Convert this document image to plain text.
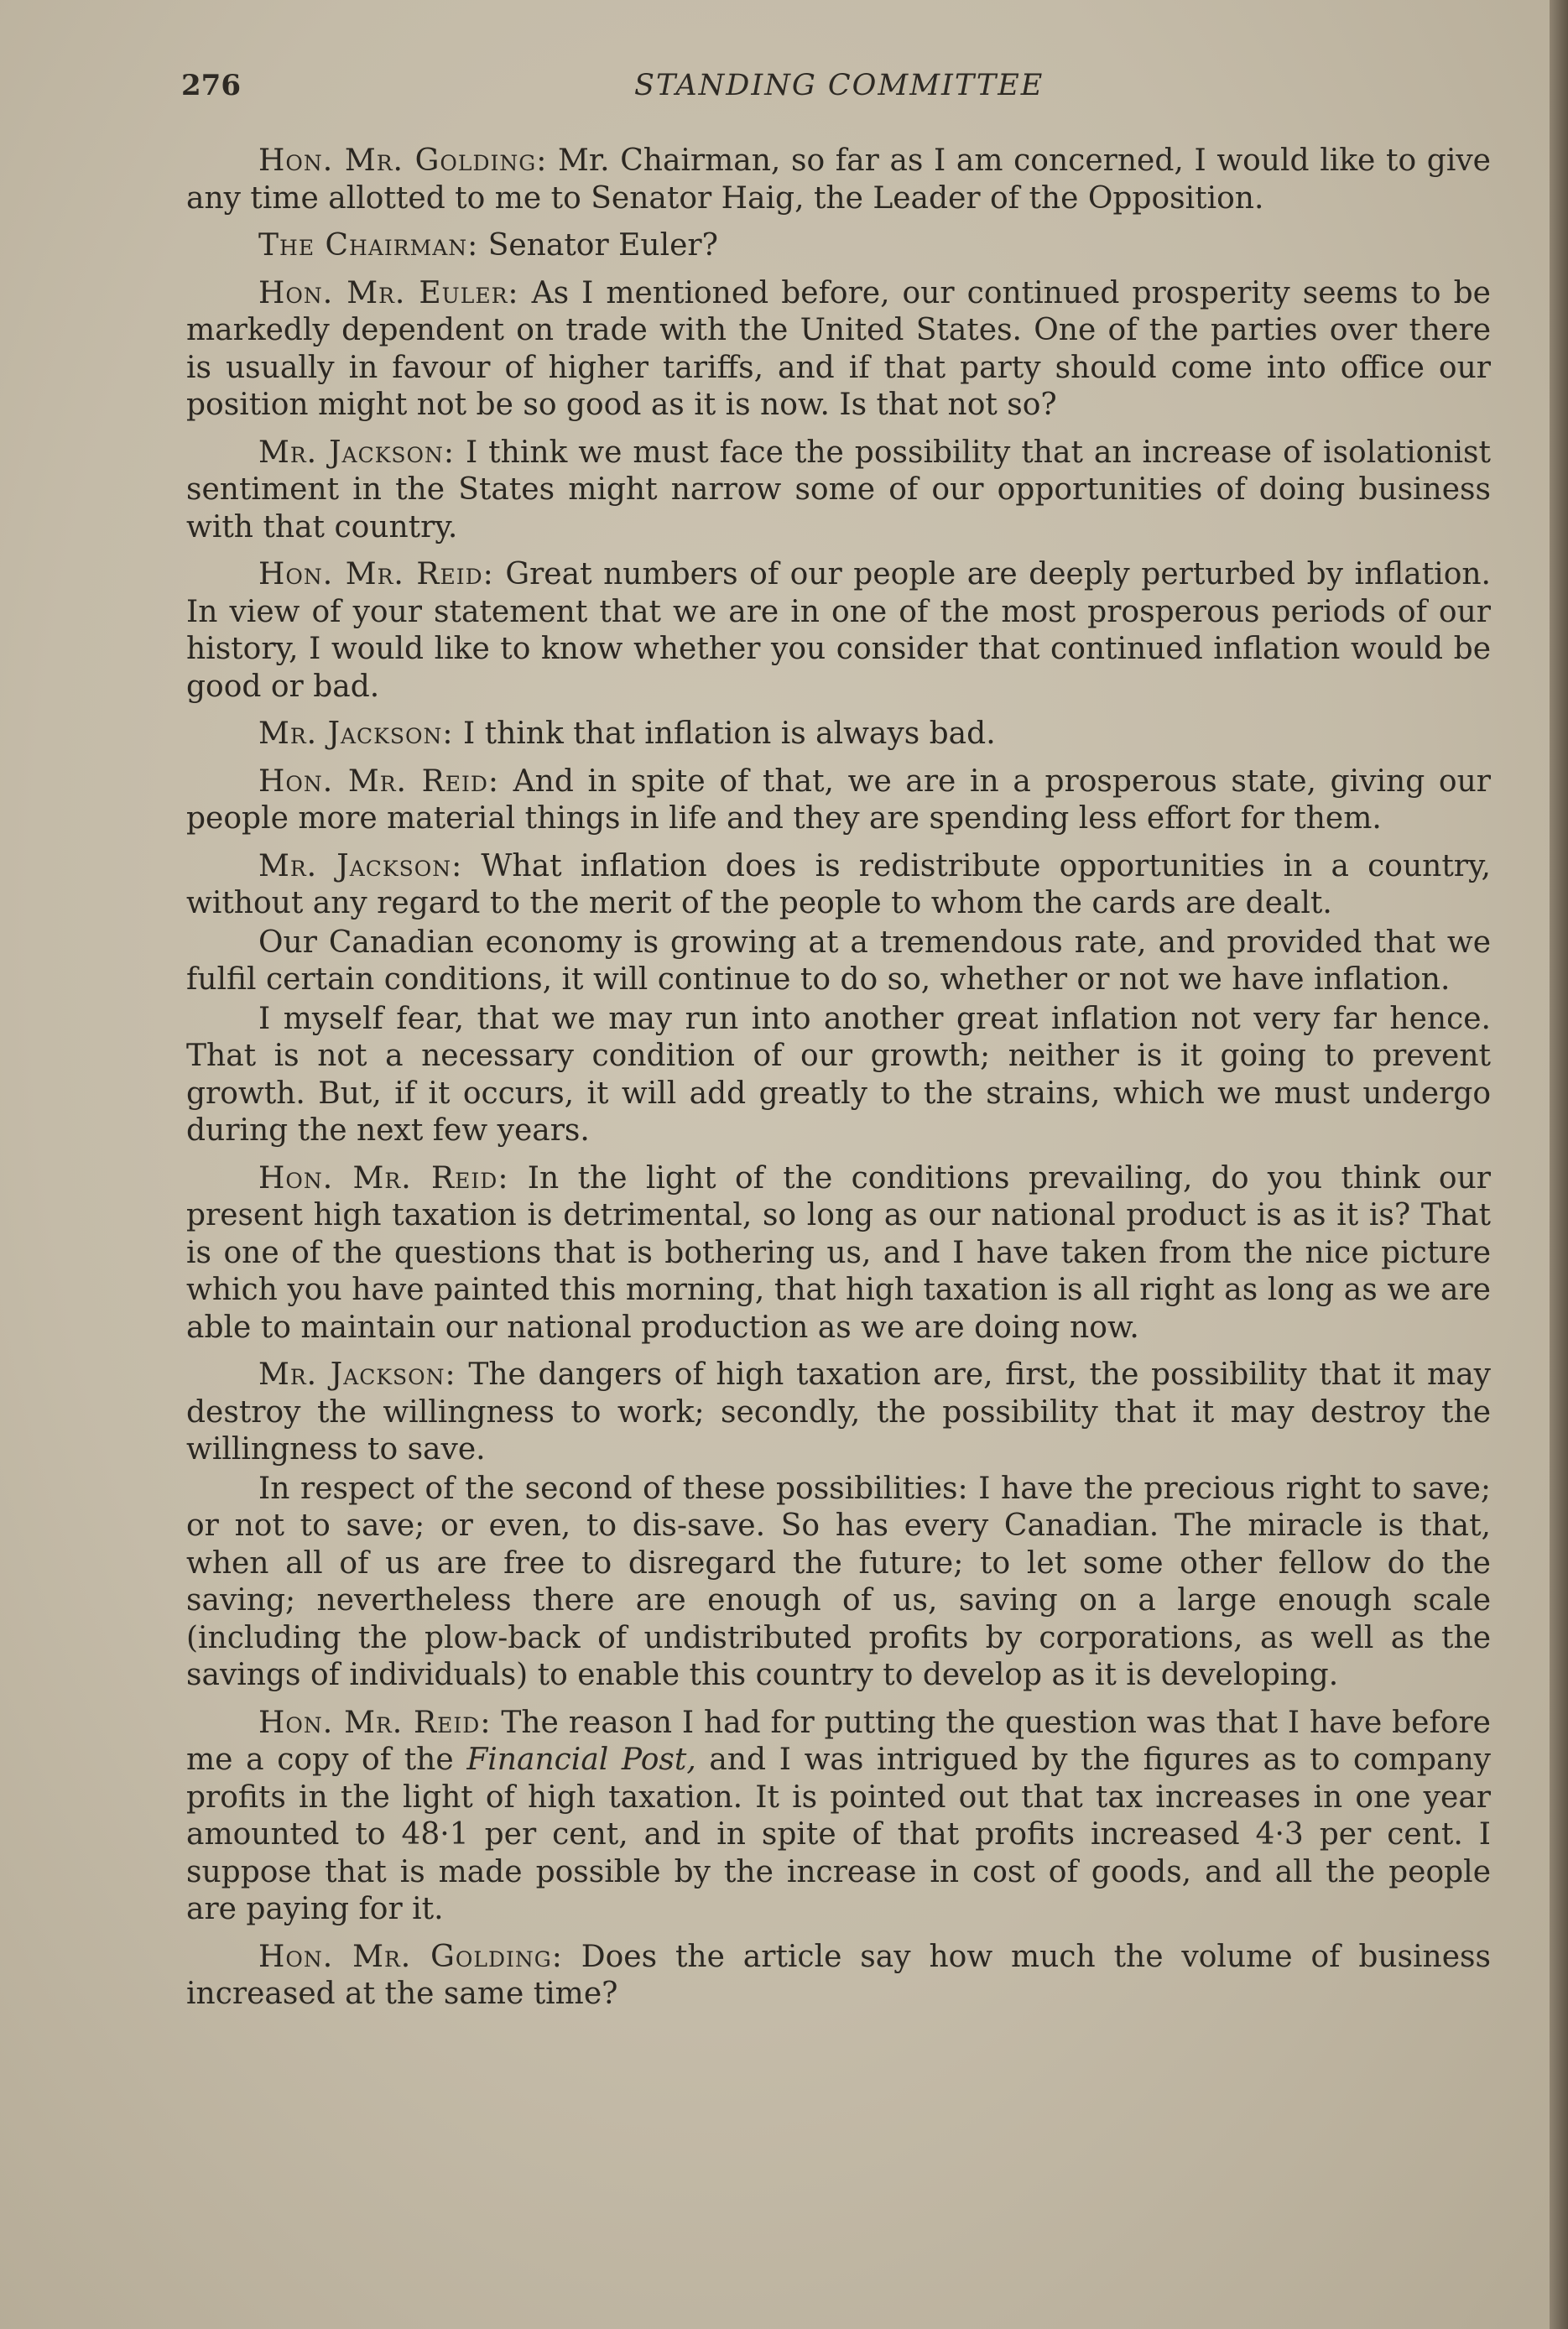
276	STANDING COMMITTEE

Hon. Mr. Golding: Mr. Chairman, so far as I am concerned, I would like to give any time allotted to me to Senator Haig, the Leader of the Opposition.

The Chairman: Senator Euler?

Hon. Mr. Euler: As I mentioned before, our continued prosperity seems to be markedly dependent on trade with the United States. One of the parties over there is usually in favour of higher tariffs, and if that party should come into office our position might not be so good as it is now. Is that not so?

Mr. Jackson: I think we must face the possibility that an increase of isolationist sentiment in the States might narrow some of our opportunities of doing business with that country.

Hon. Mr. Reid: Great numbers of our people are deeply perturbed by inflation. In view of your statement that we are in one of the most prosperous periods of our history, I would like to know whether you consider that continued inflation would be good or bad.

Mr. Jackson: I think that inflation is always bad.

Hon. Mr. Reid: And in spite of that, we are in a prosperous state, giving our people more material things in life and they are spending less effort for them.

Mr. Jackson: What inflation does is redistribute opportunities in a country, without any regard to the merit of the people to whom the cards are dealt.

Our Canadian economy is growing at a tremendous rate, and provided that we fulfil certain conditions, it will continue to do so, whether or not we have inflation.

I myself fear, that we may run into another great inflation not very far hence. That is not a necessary condition of our growth; neither is it going to prevent growth. But, if it occurs, it will add greatly to the strains, which we must undergo during the next few years.

Hon. Mr. Reid: In the light of the conditions prevailing, do you think our present high taxation is detrimental, so long as our national product is as it is? That is one of the questions that is bothering us, and I have taken from the nice picture which you have painted this morning, that high taxation is all right as long as we are able to maintain our national production as we are doing now.

Mr. Jackson: The dangers of high taxation are, first, the possibility that it may destroy the willingness to work; secondly, the possibility that it may destroy the willingness to save.

In respect of the second of these possibilities: I have the precious right to save; or not to save; or even, to dis-save. So has every Canadian. The miracle is that, when all of us are free to disregard the future; to let some other fellow do the saving; nevertheless there are enough of us, saving on a large enough scale (including the plow-back of undistributed profits by corporations, as well as the savings of individuals) to enable this country to develop as it is developing.

Hon. Mr. Reid: The reason I had for putting the question was that I have before me a copy of the Financial Post, and I was intrigued by the figures as to company profits in the light of high taxation. It is pointed out that tax increases in one year amounted to 48·1 per cent, and in spite of that profits increased 4·3 per cent. I suppose that is made possible by the increase in cost of goods, and all the people are paying for it.

Hon. Mr. Golding: Does the article say how much the volume of business increased at the same time?
